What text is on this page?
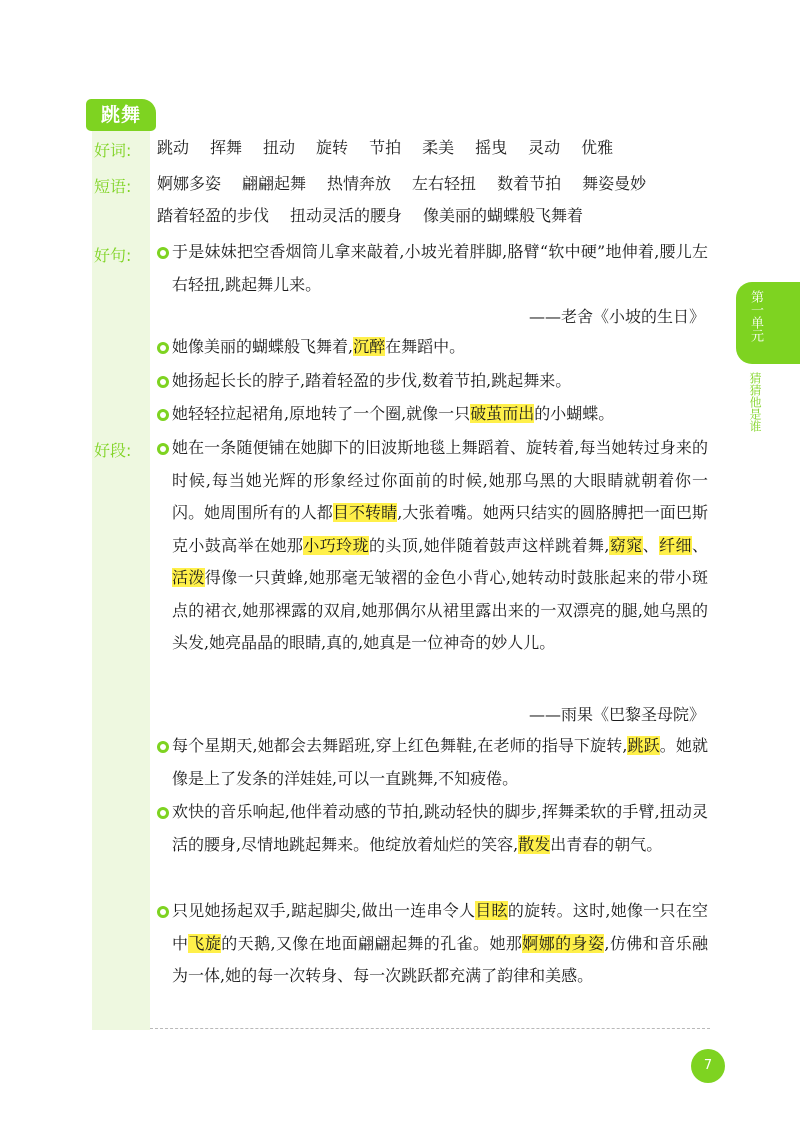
跳舞
好词: 跳动 挥舞 扭动 旋转 节拍 柔美 摇曳 灵动 优雅
短语: 婀娜多姿 翩翩起舞 热情奔放 左右轻扭 数着节拍 舞姿曼妙
踏着轻盈的步伐 扭动灵活的腰身 像美丽的蝴蝶般飞舞着
好句:	于是妹妹把空香烟筒儿拿来敲着,小坡光着胖脚,胳臂“软中硬”地伸着,腰儿左右轻扭,跳起舞儿来。
——老舍《小坡的生日》
她像美丽的蝴蝶般飞舞着,沉醉在舞蹈中。
她扬起长长的脖子,踏着轻盈的步伐,数着节拍,跳起舞来。
她轻轻拉起裙角,原地转了一个圈,就像一只破茧而出的小蝴蝶。
好段:	她在一条随便铺在她脚下的旧波斯地毯上舞蹈着、旋转着,每当她转过身来的时候,每当她光辉的形象经过你面前的时候,她那乌黑的大眼睛就朝着你一闪。她周围所有的人都目不转睛,大张着嘴。她两只结实的圆胳膊把一面巴斯克小鼓高举在她那小巧玲珑的头顶,她伴随着鼓声这样跳着舞,窈窕、纤细、活泼得像一只黄蜂,她那毫无皱褶的金色小背心,她转动时鼓胀起来的带小斑点的裙衣,她那裸露的双肩,她那偶尔从裙里露出来的一双漂亮的腿,她乌黑的头发,她亮晶晶的眼睛,真的,她真是一位神奇的妙人儿。
——雨果《巴黎圣母院》
每个星期天,她都会去舞蹈班,穿上红色舞鞋,在老师的指导下旋转,跳跃。她就像是上了发条的洋娃娃,可以一直跳舞,不知疲倦。
欢快的音乐响起,他伴着动感的节拍,跳动轻快的脚步,挥舞柔软的手臂,扭动灵活的腰身,尽情地跳起舞来。他绽放着灿烂的笑容,散发出青春的朝气。
只见她扬起双手,踮起脚尖,做出一连串令人目眩的旋转。这时,她像一只在空中飞旋的天鹅,又像在地面翩翩起舞的孔雀。她那婀娜的身姿,仿佛和音乐融为一体,她的每一次转身、每一次跳跃都充满了韵律和美感。
第一单元
猜猜他是谁
7
